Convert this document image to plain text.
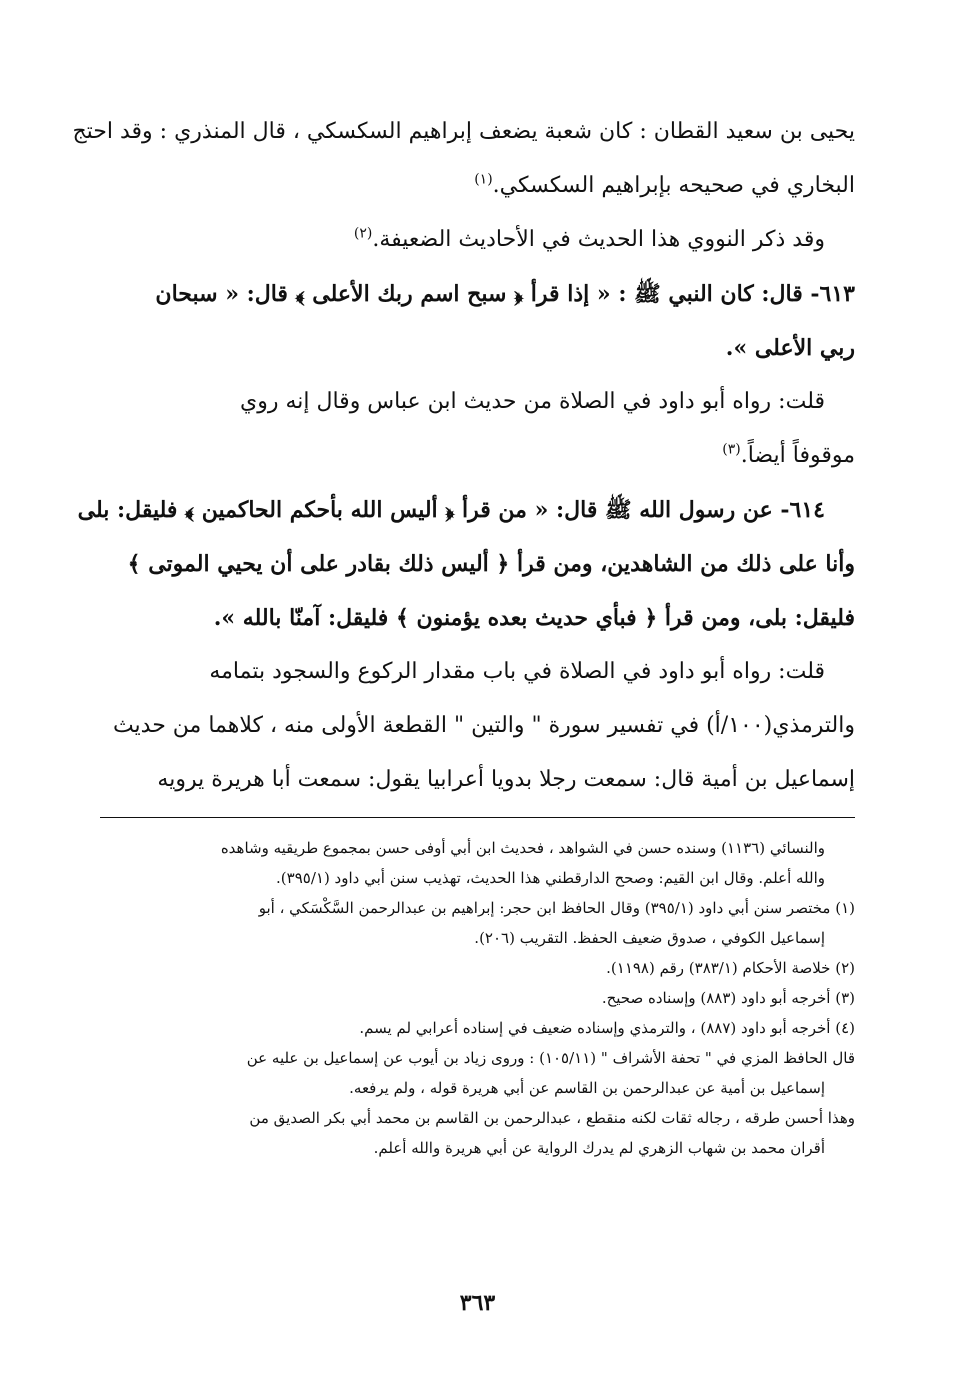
يحيى بن سعيد القطان : كان شعبة يضعف إبراهيم السكسكي ، قال المنذري : وقد احتج
البخاري في صحيحه بإبراهيم السكسكي.$^{(١)}$
وقد ذكر النووي هذا الحديث في الأحاديث الضعيفة.$^{(٢)}$
٦١٣- قال: كان النبي ﷺ : « إذا قرأ ﴿ سبح اسم ربك الأعلى ﴾ قال: « سبحان
ربي الأعلى ».
قلت: رواه أبو داود في الصلاة من حديث ابن عباس وقال إنه روي
موقوفاً أيضاً.$^{(٣)}$
٦١٤- عن رسول الله ﷺ قال: « من قرأ ﴿ أليس الله بأحكم الحاكمين ﴾ فليقل: بلى
وأنا على ذلك من الشاهدين، ومن قرأ ﴿ أليس ذلك بقادر على أن يحيي الموتى ﴾
فليقل: بلى، ومن قرأ ﴿ فبأي حديث بعده يؤمنون ﴾ فليقل: آمنّا بالله ».
قلت: رواه أبو داود في الصلاة في باب مقدار الركوع والسجود بتمامه
والترمذي(١٠٠/أ) في تفسير سورة " والتين " القطعة الأولى منه ، كلاهما من حديث
إسماعيل بن أمية قال: سمعت رجلا بدويا أعرابيا يقول: سمعت أبا هريرة يرويه
والنسائي (١١٣٦) وسنده حسن في الشواهد ، فحديث ابن أبي أوفى حسن بمجموع طريقيه وشاهده
والله أعلم. وقال ابن القيم: وصحح الدارقطني هذا الحديث، تهذيب سنن أبي داود (٣٩٥/١).
(١) مختصر سنن أبي داود (٣٩٥/١) وقال الحافظ ابن حجر: إبراهيم بن عبدالرحمن السَّكْسَكي ، أبو
إسماعيل الكوفي ، صدوق ضعيف الحفظ. التقريب (٢٠٦).
(٢) خلاصة الأحكام (٣٨٣/١) رقم (١١٩٨).
(٣) أخرجه أبو داود (٨٨٣) وإسناده صحيح.
(٤) أخرجه أبو داود (٨٨٧) ، والترمذي وإسناده ضعيف في إسناده أعرابي لم يسم.
قال الحافظ المزي في " تحفة الأشراف " (١٠٥/١١) : وروى زياد بن أيوب عن إسماعيل بن عليه عن
إسماعيل بن أمية عن عبدالرحمن بن القاسم عن أبي هريرة قوله ، ولم يرفعه.
وهذا أحسن طرقه ، رجاله ثقات لكنه منقطع ، عبدالرحمن بن القاسم بن محمد أبي بكر الصديق من
أقران محمد بن شهاب الزهري لم يدرك الرواية عن أبي هريرة والله أعلم.
٣٦٣
